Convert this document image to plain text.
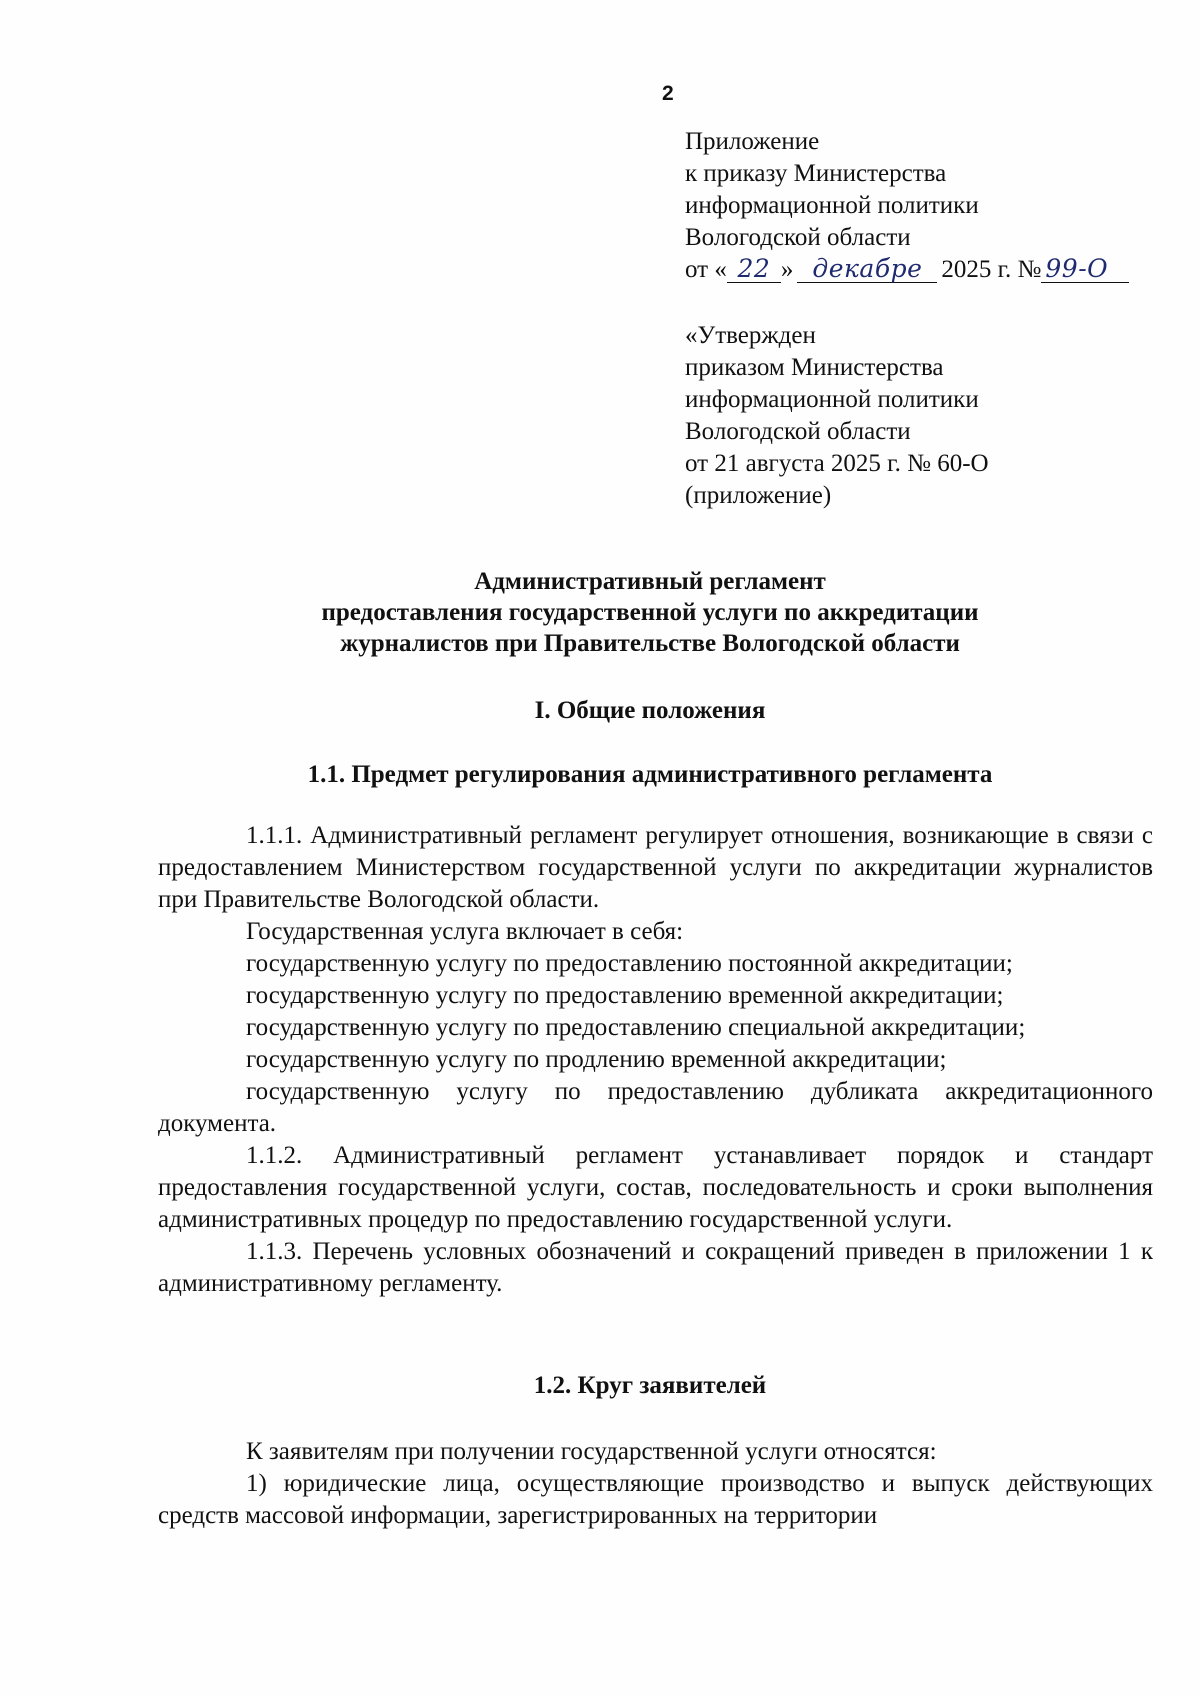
2
Приложение
к приказу Министерства
информационной политики
Вологодской области
от « 22 » декабре 2025 г. № 99-О
«Утвержден
приказом Министерства
информационной политики
Вологодской области
от 21 августа 2025 г. № 60-О
(приложение)
Административный регламент
предоставления государственной услуги по аккредитации
журналистов при Правительстве Вологодской области
I. Общие положения
1.1. Предмет регулирования административного регламента

1.1.1. Административный регламент регулирует отношения, возникающие в связи с предоставлением Министерством государственной услуги по аккредитации журналистов при Правительстве Вологодской области.

Государственная услуга включает в себя:

государственную услугу по предоставлению постоянной аккредитации;

государственную услугу по предоставлению временной аккредитации;

государственную услугу по предоставлению специальной аккредитации;

государственную услугу по продлению временной аккредитации;

государственную услугу по предоставлению дубликата аккредитационного документа.

1.1.2. Административный регламент устанавливает порядок и стандарт предоставления государственной услуги, состав, последовательность и сроки выполнения административных процедур по предоставлению государственной услуги.

1.1.3. Перечень условных обозначений и сокращений приведен в приложении 1 к административному регламенту.

1.2. Круг заявителей

К заявителям при получении государственной услуги относятся:

1) юридические лица, осуществляющие производство и выпуск действующих средств массовой информации, зарегистрированных на территории
